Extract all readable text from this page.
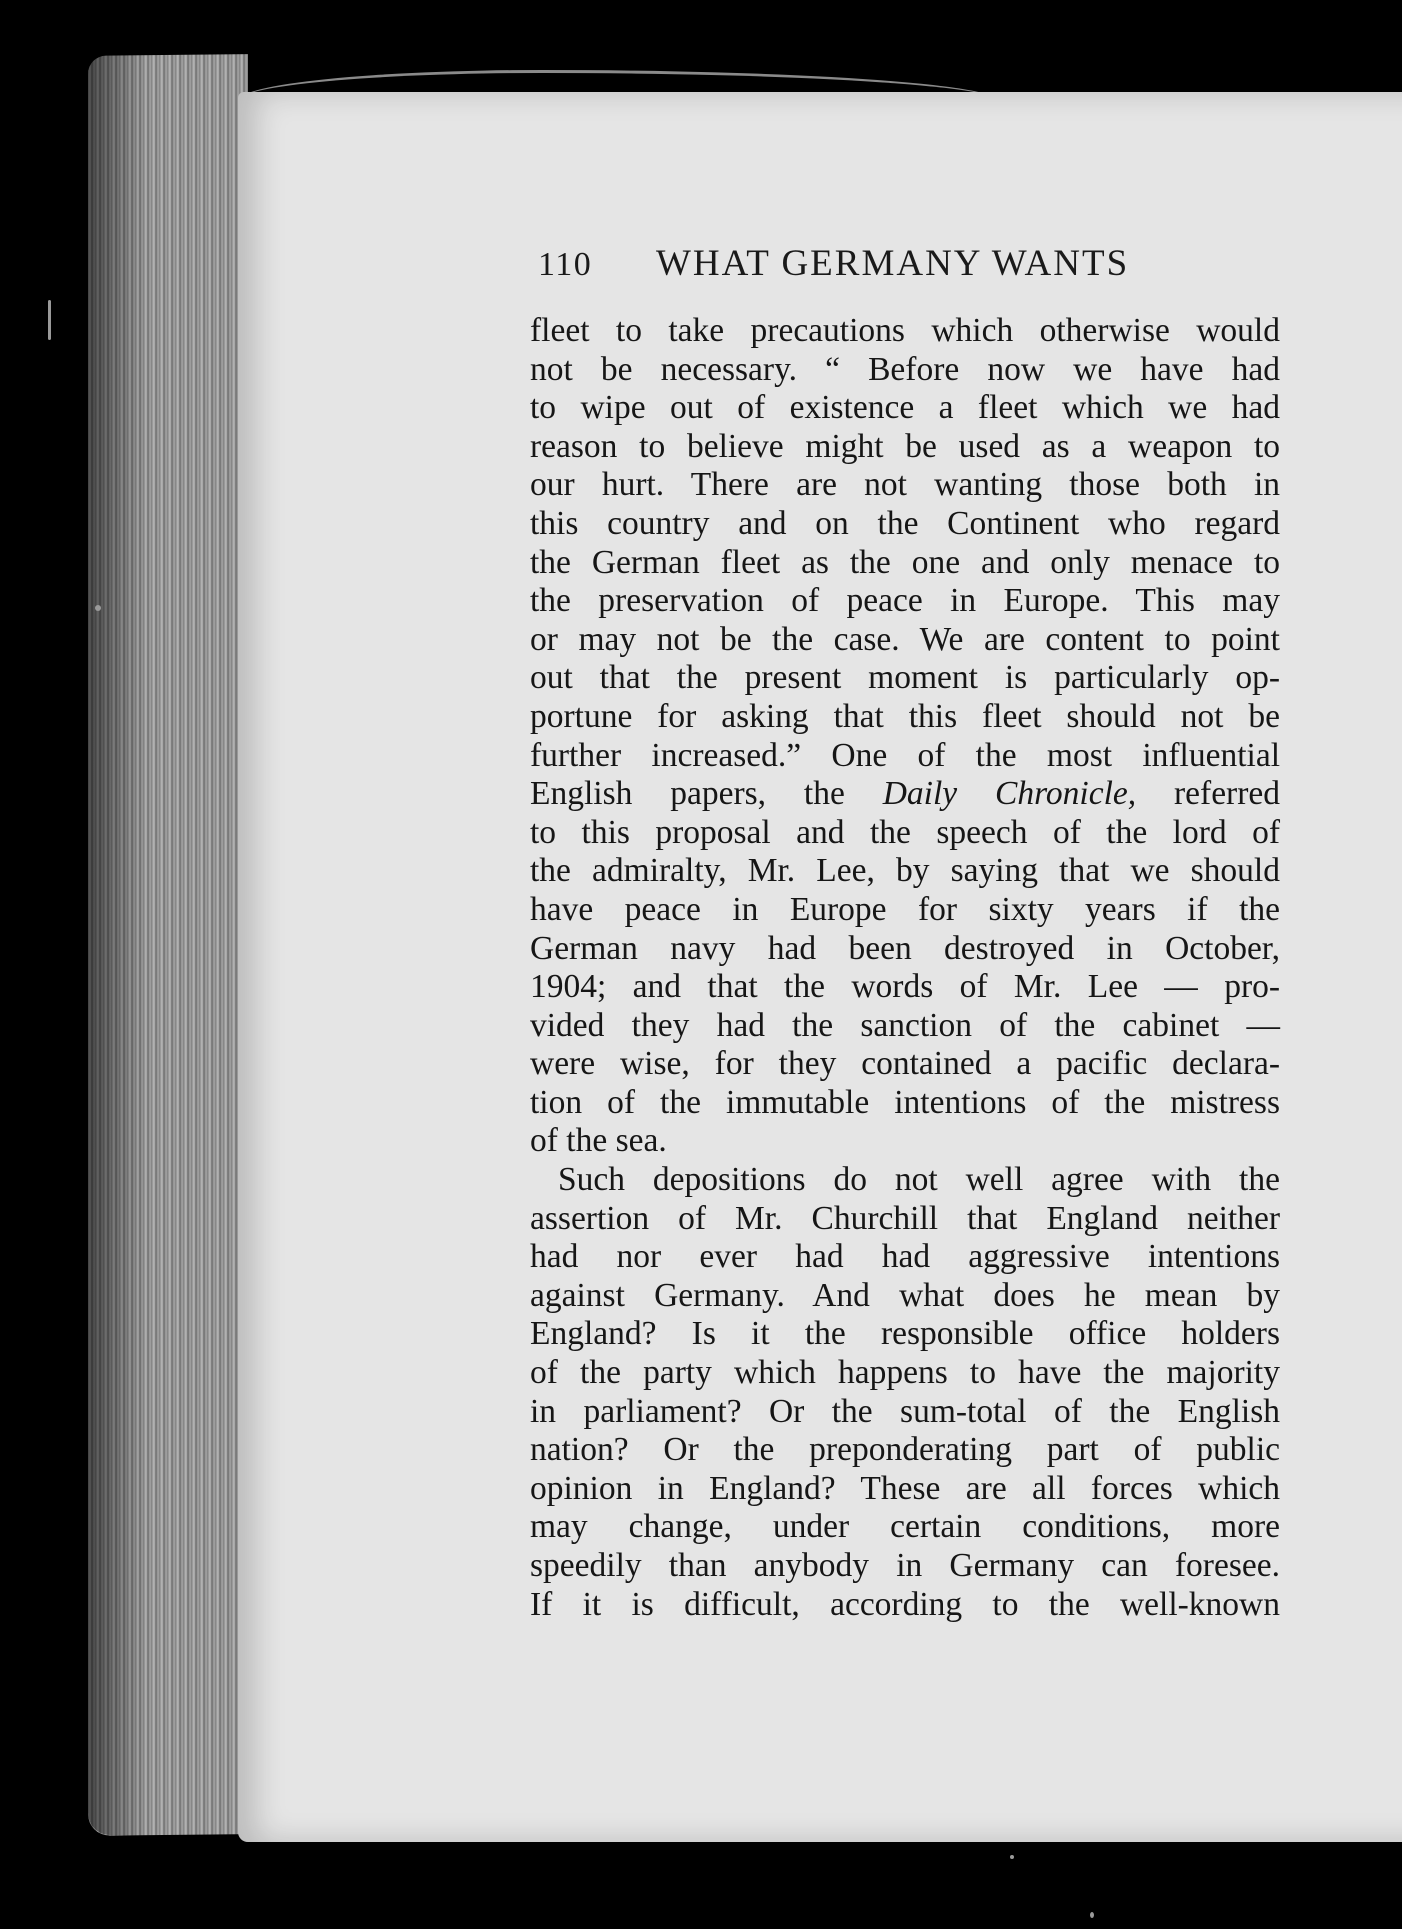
110	WHAT GERMANY WANTS
fleet to take precautions which otherwise would
not be necessary. “ Before now we have had
to wipe out of existence a fleet which we had
reason to believe might be used as a weapon to
our hurt. There are not wanting those both in
this country and on the Continent who regard
the German fleet as the one and only menace to
the preservation of peace in Europe. This may
or may not be the case. We are content to point
out that the present moment is particularly op-
portune for asking that this fleet should not be
further increased.” One of the most influential
English papers, the Daily Chronicle, referred
to this proposal and the speech of the lord of
the admiralty, Mr. Lee, by saying that we should
have peace in Europe for sixty years if the
German navy had been destroyed in October,
1904; and that the words of Mr. Lee — pro-
vided they had the sanction of the cabinet —
were wise, for they contained a pacific declara-
tion of the immutable intentions of the mistress
of the sea.
Such depositions do not well agree with the
assertion of Mr. Churchill that England neither
had nor ever had had aggressive intentions
against Germany. And what does he mean by
England? Is it the responsible office holders
of the party which happens to have the majority
in parliament? Or the sum-total of the English
nation? Or the preponderating part of public
opinion in England? These are all forces which
may change, under certain conditions, more
speedily than anybody in Germany can foresee.
If it is difficult, according to the well-known
